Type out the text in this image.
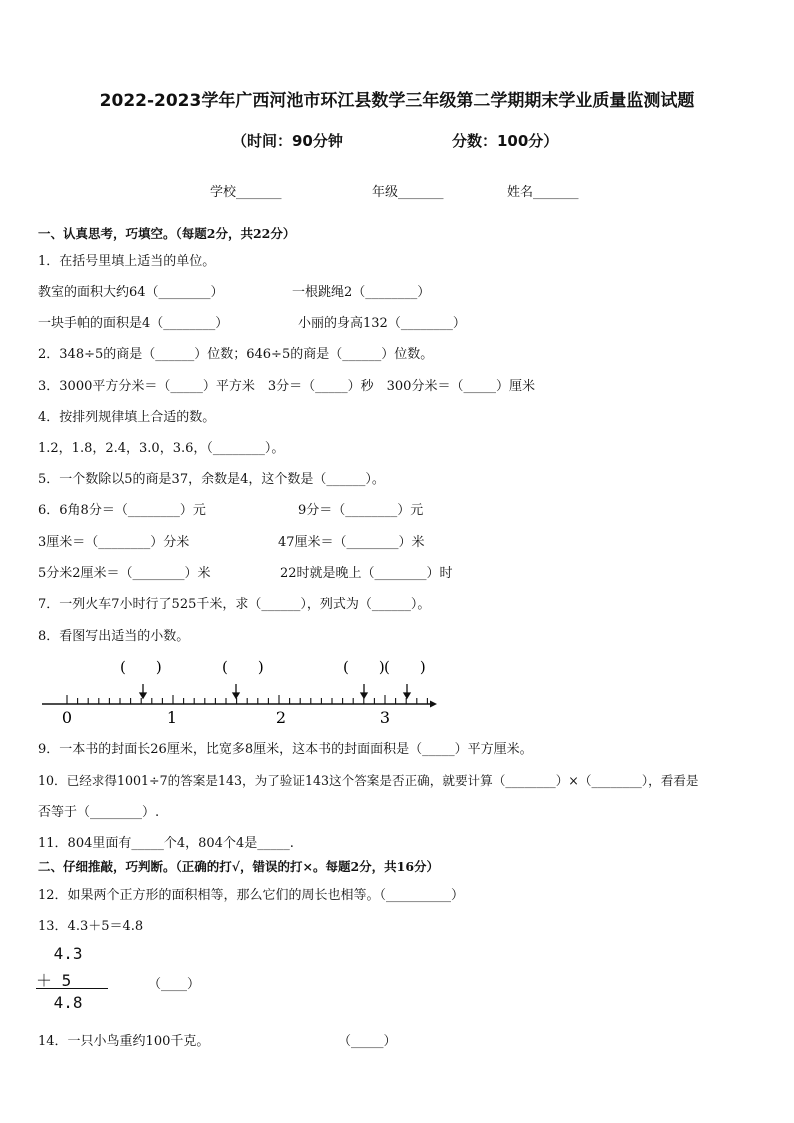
2022-2023学年广西河池市环江县数学三年级第二学期期末学业质量监测试题
（时间：90分钟	分数：100分）
学校_______	年级_______	姓名_______
一、认真思考，巧填空。（每题2分，共22分）
1．在括号里填上适当的单位。
教室的面积大约64（________）	一根跳绳2（________）
一块手帕的面积是4（________）	小丽的身高132（________）
2．348÷5的商是（______）位数；646÷5的商是（______）位数。
3．3000平方分米＝（_____）平方米　3分＝（_____）秒　300分米＝（_____）厘米
4．按排列规律填上合适的数。
1.2，1.8，2.4，3.0，3.6，（________）。
5．一个数除以5的商是37，余数是4，这个数是（______）。
6．6角8分＝（________）元	9分＝（________）元
3厘米＝（________）分米	47厘米＝（________）米
5分米2厘米＝（________）米	22时就是晚上（________）时
7．一列火车7小时行了525千米，求（______），列式为（______）。
8．看图写出适当的小数。
(　　)	(　　)	(　　) (　　)
0	1	2	3
9．一本书的封面长26厘米，比宽多8厘米，这本书的封面面积是（_____）平方厘米。
10．已经求得1001÷7的答案是143，为了验证143这个答案是否正确，就要计算（________）×（________），看看是
否等于（________）.
11．804里面有_____个4，804个4是_____.
二、仔细推敲，巧判断。（正确的打√，错误的打×。每题2分，共16分）
12．如果两个正方形的面积相等，那么它们的周长也相等。（__________）
13．4.3＋5＝4.8
4.3
＋ 5
4.8
（____）
14．一只小鸟重约100千克。	（_____）
